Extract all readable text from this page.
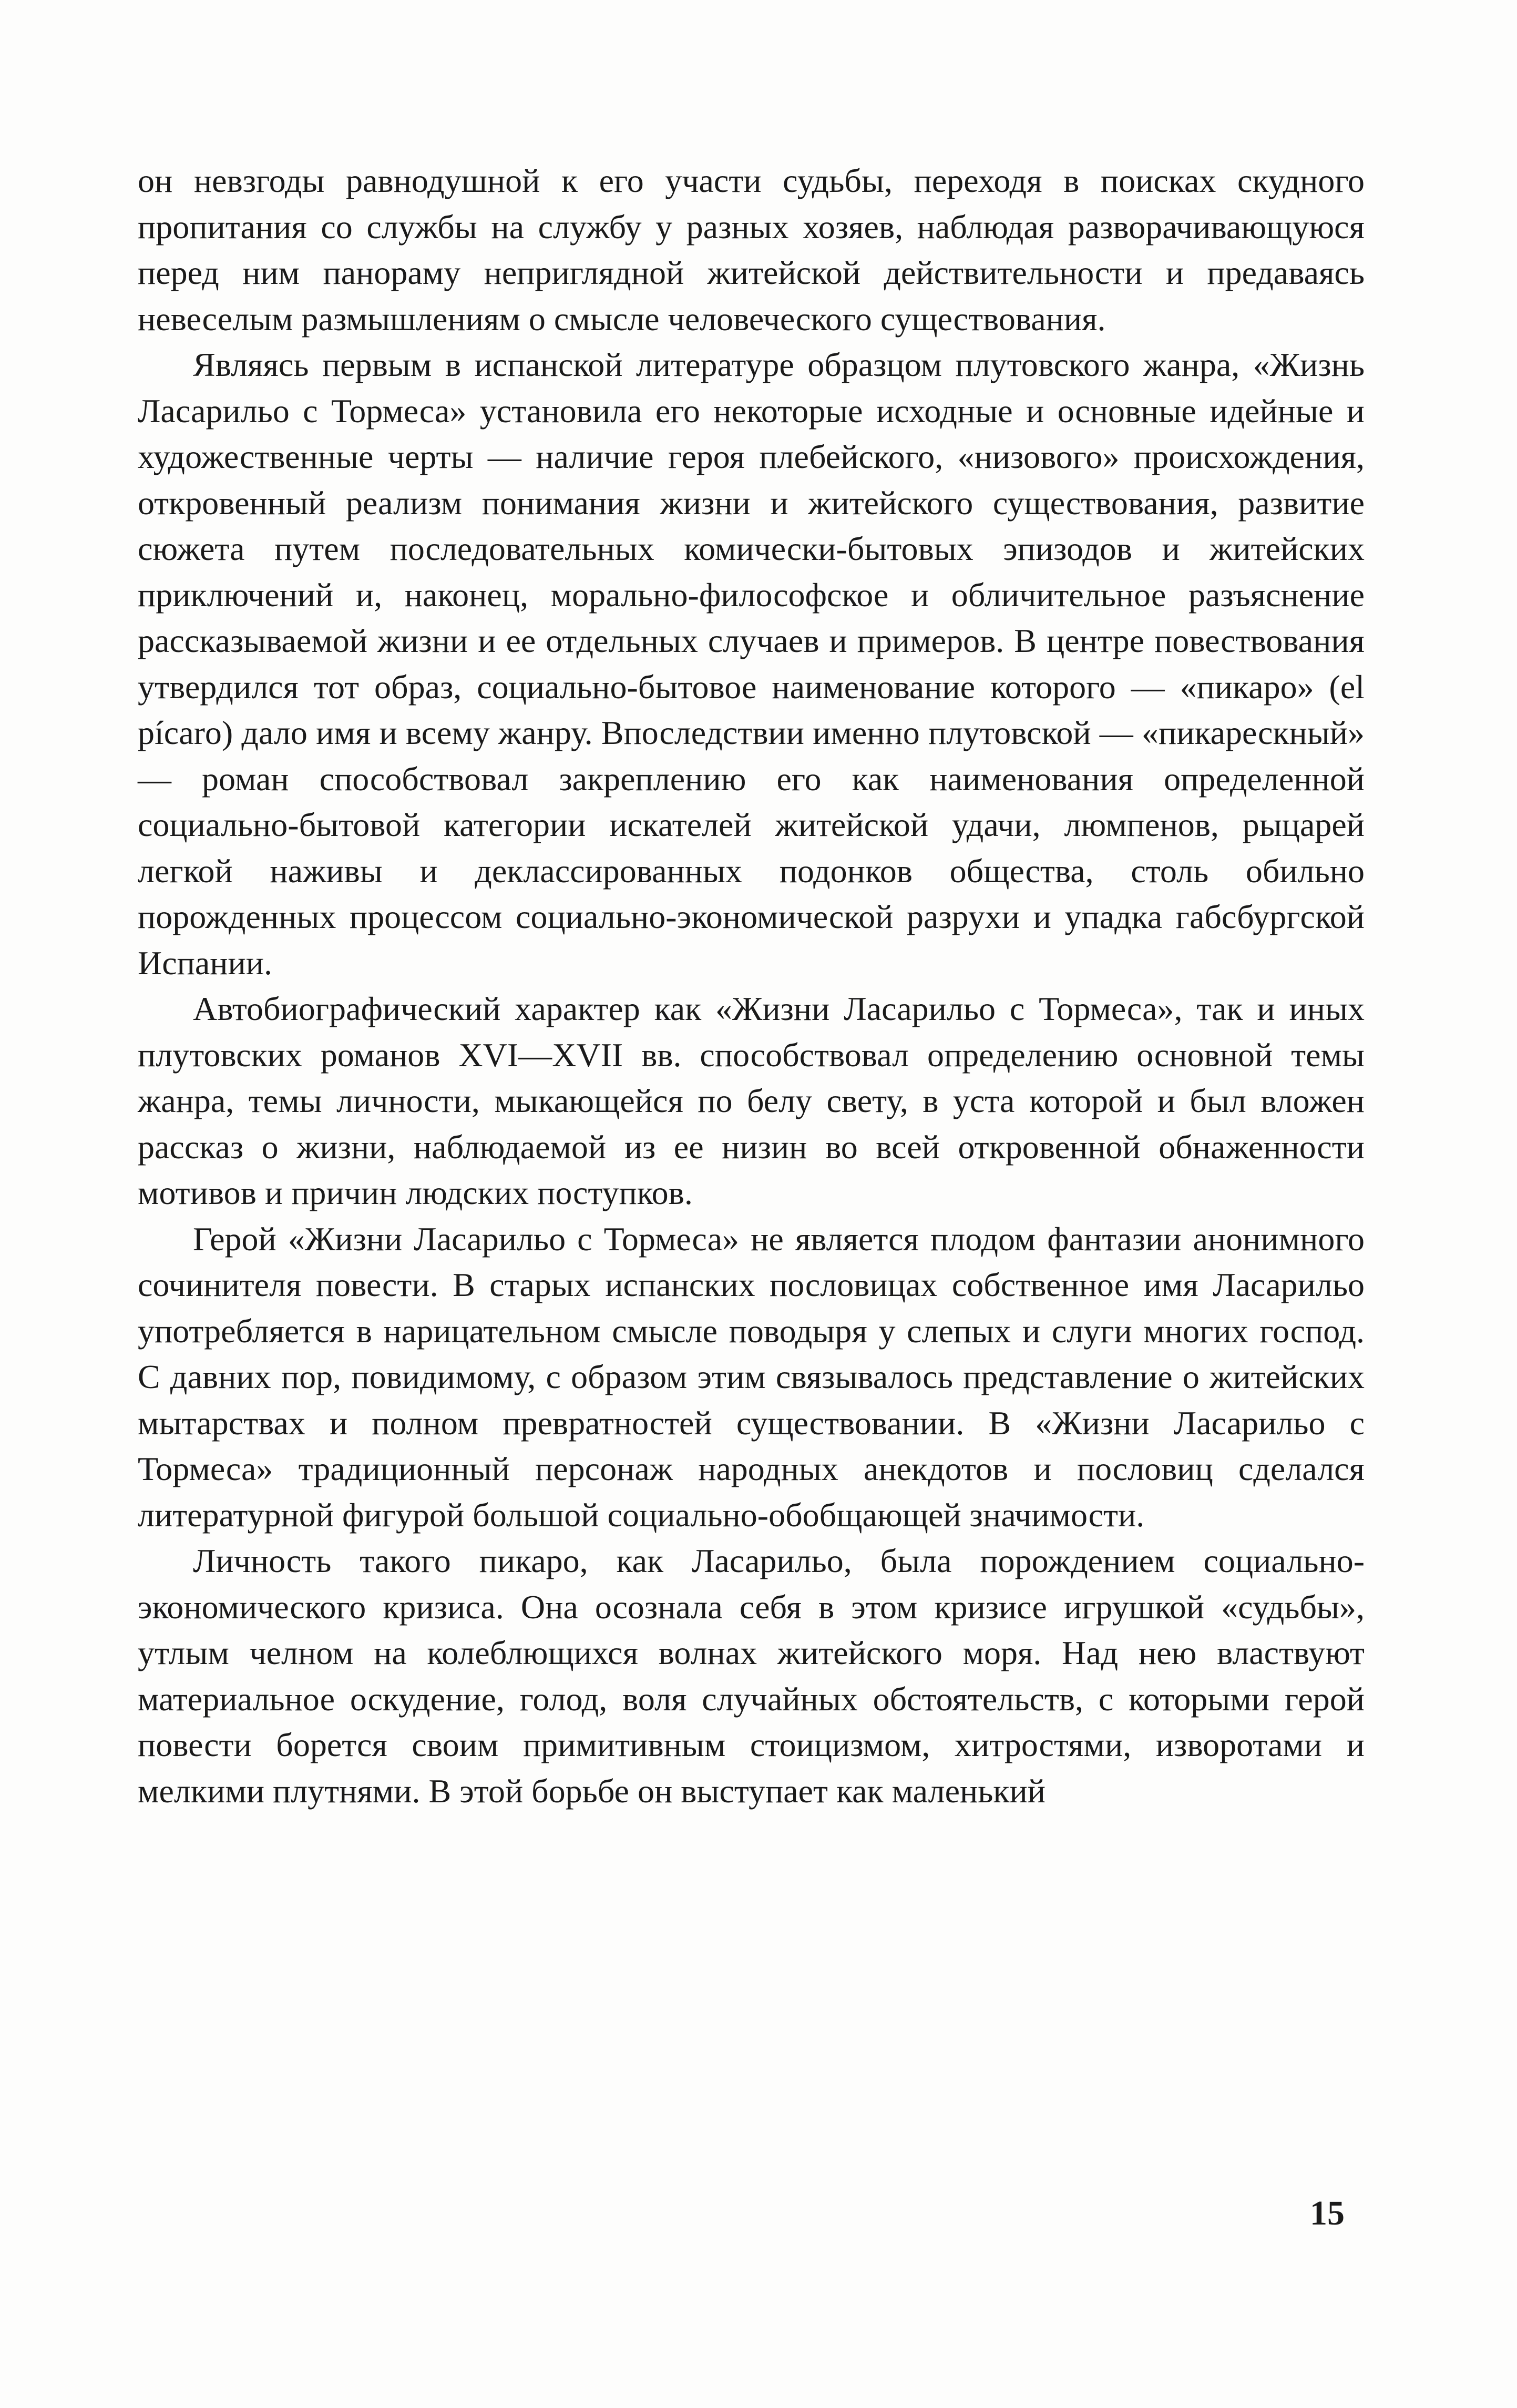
он невзгоды равнодушной к его участи судьбы, переходя в поисках скудного пропитания со службы на службу у разных хозяев, наблюдая разворачивающуюся перед ним панораму неприглядной житейской действительности и предаваясь невеселым размышлениям о смысле человеческого существования.

Являясь первым в испанской литературе образцом плутовского жанра, «Жизнь Ласарильо с Тормеса» установила его некоторые исходные и основные идейные и художественные черты — наличие героя плебейского, «низового» происхождения, откровенный реализм понимания жизни и житейского существования, развитие сюжета путем последовательных комически-бытовых эпизодов и житейских приключений и, наконец, морально-философское и обличительное разъяснение рассказываемой жизни и ее отдельных случаев и примеров. В центре повествования утвердился тот образ, социально-бытовое наименование которого — «пикаро» (el pícaro) дало имя и всему жанру. Впоследствии именно плутовской — «пикарескный» — роман способствовал закреплению его как наименования определенной социально-бытовой категории искателей житейской удачи, люмпенов, рыцарей легкой наживы и деклассированных подонков общества, столь обильно порожденных процессом социально-экономической разрухи и упадка габсбургской Испании.

Автобиографический характер как «Жизни Ласарильо с Тормеса», так и иных плутовских романов XVI—XVII вв. способствовал определению основной темы жанра, темы личности, мыкающейся по белу свету, в уста которой и был вложен рассказ о жизни, наблюдаемой из ее низин во всей откровенной обнаженности мотивов и причин людских поступков.

Герой «Жизни Ласарильо с Тормеса» не является плодом фантазии анонимного сочинителя повести. В старых испанских пословицах собственное имя Ласарильо употребляется в нарицательном смысле поводыря у слепых и слуги многих господ. С давних пор, повидимому, с образом этим связывалось представление о житейских мытарствах и полном превратностей существовании. В «Жизни Ласарильо с Тормеса» традиционный персонаж народных анекдотов и пословиц сделался литературной фигурой большой социально-обобщающей значимости.

Личность такого пикаро, как Ласарильо, была порождением социально-экономического кризиса. Она осознала себя в этом кризисе игрушкой «судьбы», утлым челном на колеблющихся волнах житейского моря. Над нею властвуют материальное оскудение, голод, воля случайных обстоятельств, с которыми герой повести борется своим примитивным стоицизмом, хитростями, изворотами и мелкими плутнями. В этой борьбе он выступает как маленький

15
